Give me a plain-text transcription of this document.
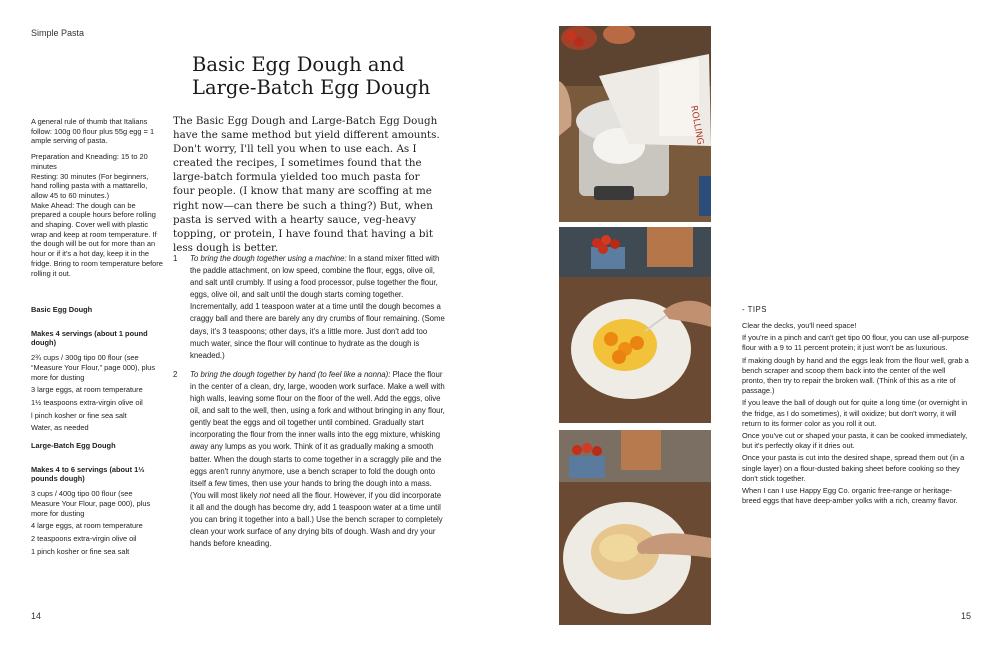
Simple Pasta
Basic Egg Dough and
Large-Batch Egg Dough

A general rule of thumb that Italians follow: 100g 00 flour plus 55g egg = 1 ample serving of pasta.

Preparation and Kneading: 15 to 20 minutes
Resting: 30 minutes (For beginners, hand rolling pasta with a mattarello, allow 45 to 60 minutes.)
Make Ahead: The dough can be prepared a couple hours before rolling and shaping. Cover well with plastic wrap and keep at room temperature. If the dough will be out for more than an hour or if it's a hot day, keep it in the fridge. Bring to room temperature before rolling it out.
Basic Egg Dough
Makes 4 servings (about 1 pound dough)
2¾ cups / 300g tipo 00 flour (see “Measure Your Flour,” page 000), plus more for dusting
3 large eggs, at room temperature
1½ teaspoons extra-virgin olive oil
l pinch kosher or fine sea salt
Water, as needed
Large-Batch Egg Dough
Makes 4 to 6 servings (about 1⅓ pounds dough)
3 cups / 400g tipo 00 flour (see Measure Your Flour, page 000), plus more for dusting
4 large eggs, at room temperature
2 teaspoons extra-virgin olive oil
1 pinch kosher or fine sea salt

The Basic Egg Dough and Large-Batch Egg Dough have the same method but yield different amounts. Don't worry, I'll tell you when to use each. As I created the recipes, I sometimes found that the large-batch formula yielded too much pasta for four people. (I know that many are scoffing at me right now—can there be such a thing?) But, when pasta is served with a hearty sauce, veg-heavy topping, or protein, I have found that having a bit less dough is better.

1 To bring the dough together using a machine: In a stand mixer fitted with the paddle attachment, on low speed, combine the flour, eggs, olive oil, and salt until crumbly. If using a food processor, pulse together the flour, eggs, olive oil, and salt until the dough starts coming together. Incrementally, add 1 teaspoon water at a time until the dough becomes a craggy ball and there are barely any dry crumbs of flour remaining. (Some days, it's 3 teaspoons; other days, it's a little more. Just don't add too much water, since the flour will continue to hydrate as the dough is kneaded.)
2 To bring the dough together by hand (to feel like a nonna): Place the flour in the center of a clean, dry, large, wooden work surface. Make a well with high walls, leaving some flour on the floor of the well. Add the eggs, olive oil, and salt to the well, then, using a fork and without bringing in any flour, gently beat the eggs and oil together until combined. Gradually start incorporating the flour from the inner walls into the egg mixture, whisking away any lumps as you work. Think of it as gradually making a smooth batter. When the dough starts to come together in a scraggly pile and the eggs aren't runny anymore, use a bench scraper to fold the dough onto itself a few times, then use your hands to bring the dough into a mass. (You will most likely not need all the flour. However, if you did incorporate it all and the dough has become dry, add 1 teaspoon water at a time until you can bring it together into a ball.) Use the bench scraper to completely clean your work surface of any drying bits of dough. Wash and dry your hands before kneading.
ROLLING
- TIPS

Clear the decks, you'll need space!

If you're in a pinch and can't get tipo 00 flour, you can use all-purpose flour with a 9 to 11 percent protein; it just won't be as luxurious.

If making dough by hand and the eggs leak from the flour well, grab a bench scraper and scoop them back into the center of the well pronto, then try to repair the broken wall. (Think of this as a rite of passage.)

If you leave the ball of dough out for quite a long time (or overnight in the fridge, as I do sometimes), it will oxidize; but don't worry, it will return to its former color as you roll it out.

Once you've cut or shaped your pasta, it can be cooked immediately, but it's perfectly okay if it dries out.

Once your pasta is cut into the desired shape, spread them out (in a single layer) on a flour-dusted baking sheet before cooking so they don't stick together.

When I can I use Happy Egg Co. organic free-range or heritage-breed eggs that have deep-amber yolks with a rich, creamy flavor.

14	15
